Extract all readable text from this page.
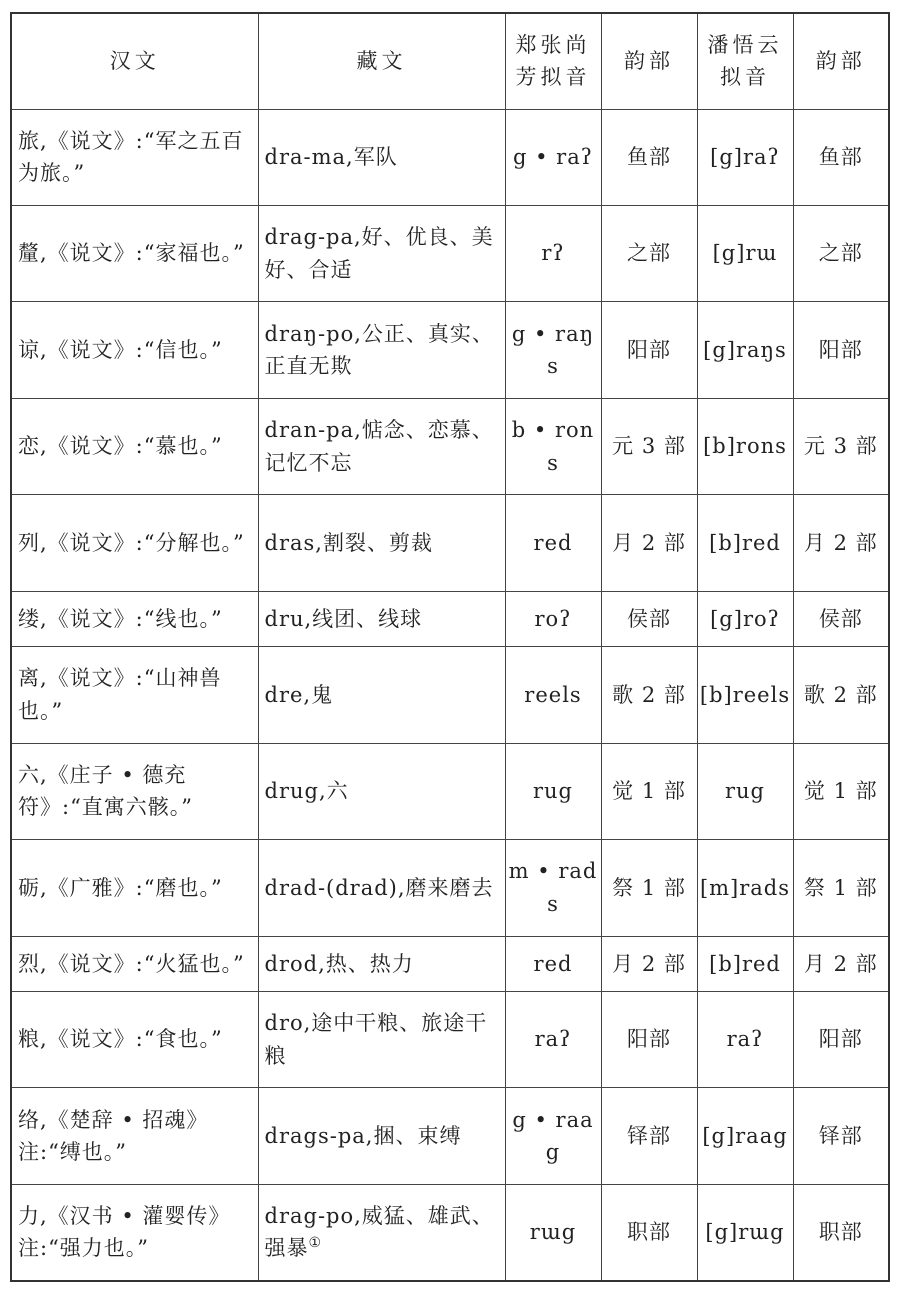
汉文	藏文	郑张尚芳拟音	韵部	潘悟云拟音	韵部
旅,《说文》:“军之五百为旅。”	dra-ma,军队	g • raʔ	鱼部	[g]raʔ	鱼部
釐,《说文》:“家福也。”	drag-pa,好、优良、美好、合适	rʔ	之部	[g]rɯ	之部
谅,《说文》:“信也。”	draŋ-po,公正、真实、正直无欺	g • raŋs	阳部	[g]raŋs	阳部
恋,《说文》:“慕也。”	dran-pa,惦念、恋慕、记忆不忘	b • rons	元 3 部	[b]rons	元 3 部
列,《说文》:“分解也。”	dras,割裂、剪裁	red	月 2 部	[b]red	月 2 部
缕,《说文》:“线也。”	dru,线团、线球	roʔ	侯部	[g]roʔ	侯部
离,《说文》:“山神兽也。”	dre,鬼	reels	歌 2 部	[b]reels	歌 2 部
六,《庄子 • 德充符》:“直寓六骸。”	drug,六	rug	觉 1 部	rug	觉 1 部
砺,《广雅》:“磨也。”	drad-(drad),磨来磨去	m • rads	祭 1 部	[m]rads	祭 1 部
烈,《说文》:“火猛也。”	drod,热、热力	red	月 2 部	[b]red	月 2 部
粮,《说文》:“食也。”	dro,途中干粮、旅途干粮	raʔ	阳部	raʔ	阳部
络,《楚辞 • 招魂》注:“缚也。”	drags-pa,捆、束缚	g • raag	铎部	[g]raag	铎部
力,《汉书 • 灌婴传》注:“强力也。”	drag-po,威猛、雄武、强暴①	rɯg	职部	[g]rɯg	职部
